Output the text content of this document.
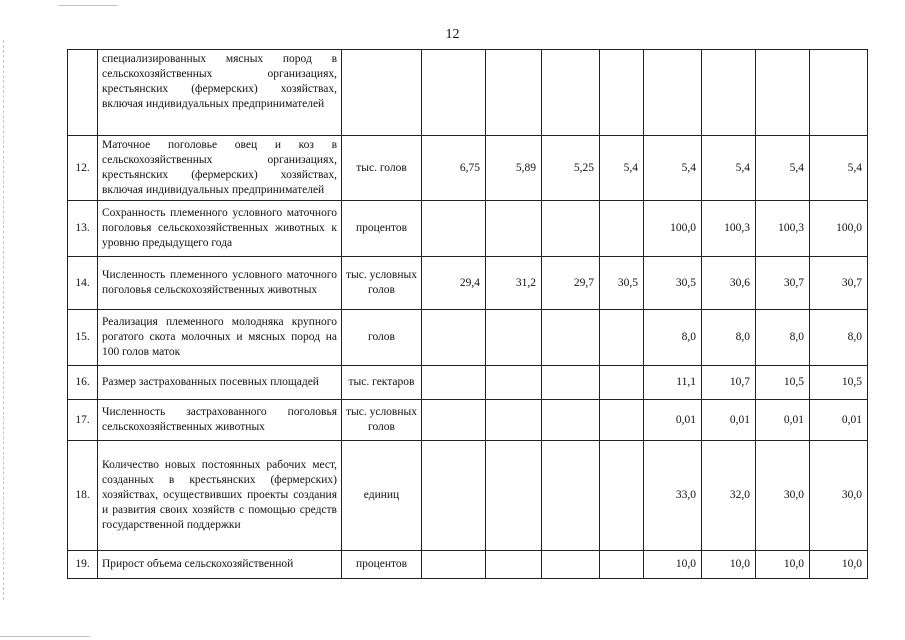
12
	специализированных мясных пород в сельскохозяйственных организациях, крестьянских (фермерских) хозяйствах, включая индивидуальных предпринимателей									
12.	Маточное поголовье овец и коз в сельскохозяйственных организациях, крестьянских (фермерских) хозяйствах, включая индивидуальных предпринимателей	тыс. голов	6,75	5,89	5,25	5,4	5,4	5,4	5,4	5,4
13.	Сохранность племенного условного маточного поголовья сельскохозяйственных животных к уровню предыдущего года	процентов					100,0	100,3	100,3	100,0
14.	Численность племенного условного маточного поголовья сельскохозяйственных животных	тыс. условных голов	29,4	31,2	29,7	30,5	30,5	30,6	30,7	30,7
15.	Реализация племенного молодняка крупного рогатого скота молочных и мясных пород на 100 голов маток	голов					8,0	8,0	8,0	8,0
16.	Размер застрахованных посевных площадей	тыс. гектаров					11,1	10,7	10,5	10,5
17.	Численность застрахованного поголовья сельскохозяйственных животных	тыс. условных голов					0,01	0,01	0,01	0,01
18.	Количество новых постоянных рабочих мест, созданных в крестьянских (фермерских) хозяйствах, осуществивших проекты создания и развития своих хозяйств с помощью средств государственной поддержки	единиц					33,0	32,0	30,0	30,0
19.	Прирост объема сельскохозяйственной	процентов					10,0	10,0	10,0	10,0
